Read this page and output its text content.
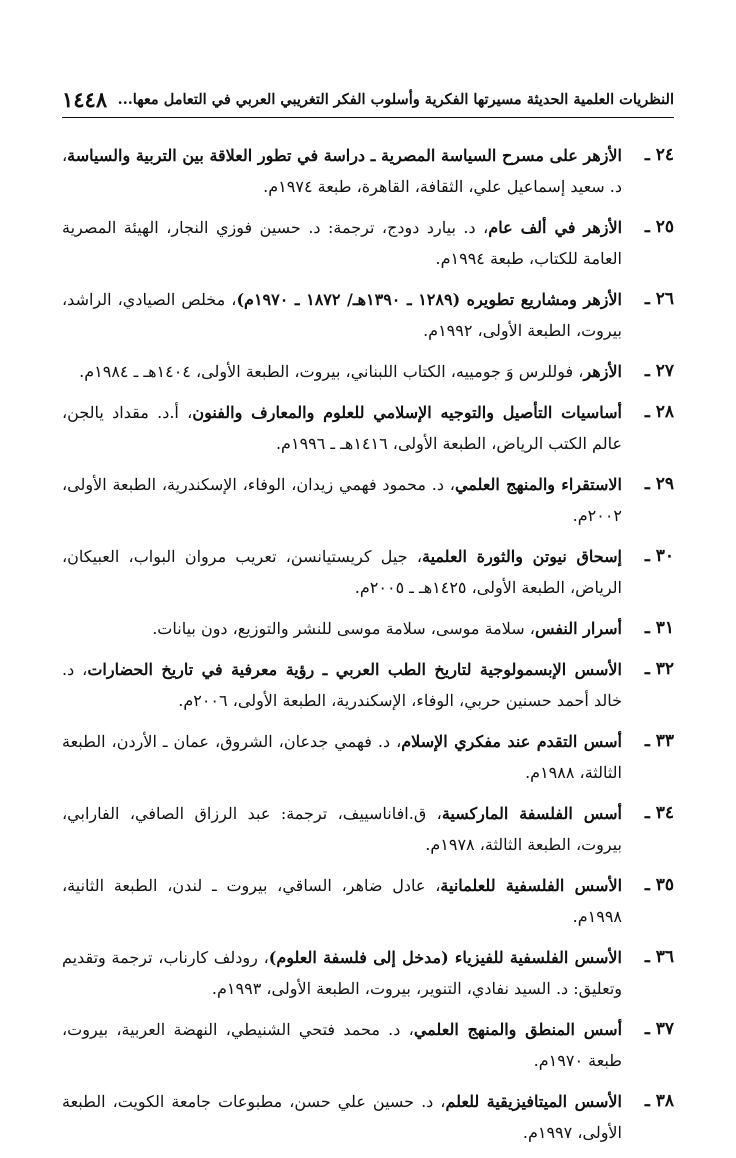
النظريات العلمية الحديثة مسيرتها الفكرية وأسلوب الفكر التغريبي العربي في التعامل معها...
١٤٤٨
٢٤ ـ
الأزهر على مسرح السياسة المصرية ـ دراسة في تطور العلاقة بين التربية والسياسة، د. سعيد إسماعيل علي، الثقافة، القاهرة، طبعة ١٩٧٤م.
٢٥ ـ
الأزهر في ألف عام، د. بيارد دودج، ترجمة: د. حسين فوزي النجار، الهيئة المصرية العامة للكتاب، طبعة ١٩٩٤م.
٢٦ ـ
الأزهر ومشاريع تطويره (١٢٨٩ ـ ١٣٩٠هـ/ ١٨٧٢ ـ ١٩٧٠م)، مخلص الصيادي، الراشد، بيروت، الطبعة الأولى، ١٩٩٢م.
٢٧ ـ
الأزهر، فوللرس وَ جومييه، الكتاب اللبناني، بيروت، الطبعة الأولى، ١٤٠٤هـ ـ ١٩٨٤م.
٢٨ ـ
أساسيات التأصيل والتوجيه الإسلامي للعلوم والمعارف والفنون، أ.د. مقداد يالجن، عالم الكتب الرياض، الطبعة الأولى، ١٤١٦هـ ـ ١٩٩٦م.
٢٩ ـ
الاستقراء والمنهج العلمي، د. محمود فهمي زيدان، الوفاء، الإسكندرية، الطبعة الأولى، ٢٠٠٢م.
٣٠ ـ
إسحاق نيوتن والثورة العلمية، جيل كريستيانسن، تعريب مروان البواب، العبيكان، الرياض، الطبعة الأولى، ١٤٢٥هـ ـ ٢٠٠٥م.
٣١ ـ
أسرار النفس، سلامة موسى، سلامة موسى للنشر والتوزيع، دون بيانات.
٣٢ ـ
الأسس الإبسمولوجية لتاريخ الطب العربي ـ رؤية معرفية في تاريخ الحضارات، د. خالد أحمد حسنين حربي، الوفاء، الإسكندرية، الطبعة الأولى، ٢٠٠٦م.
٣٣ ـ
أسس التقدم عند مفكري الإسلام، د. فهمي جدعان، الشروق، عمان ـ الأردن، الطبعة الثالثة، ١٩٨٨م.
٣٤ ـ
أسس الفلسفة الماركسية، ق.افاناسييف، ترجمة: عبد الرزاق الصافي، الفارابي، بيروت، الطبعة الثالثة، ١٩٧٨م.
٣٥ ـ
الأسس الفلسفية للعلمانية، عادل ضاهر، الساقي، بيروت ـ لندن، الطبعة الثانية، ١٩٩٨م.
٣٦ ـ
الأسس الفلسفية للفيزياء (مدخل إلى فلسفة العلوم)، رودلف كارناب، ترجمة وتقديم وتعليق: د. السيد نفادي، التنوير، بيروت، الطبعة الأولى، ١٩٩٣م.
٣٧ ـ
أسس المنطق والمنهج العلمي، د. محمد فتحي الشنيطي، النهضة العربية، بيروت، طبعة ١٩٧٠م.
٣٨ ـ
الأسس الميتافيزيقية للعلم، د. حسين علي حسن، مطبوعات جامعة الكويت، الطبعة الأولى، ١٩٩٧م.
